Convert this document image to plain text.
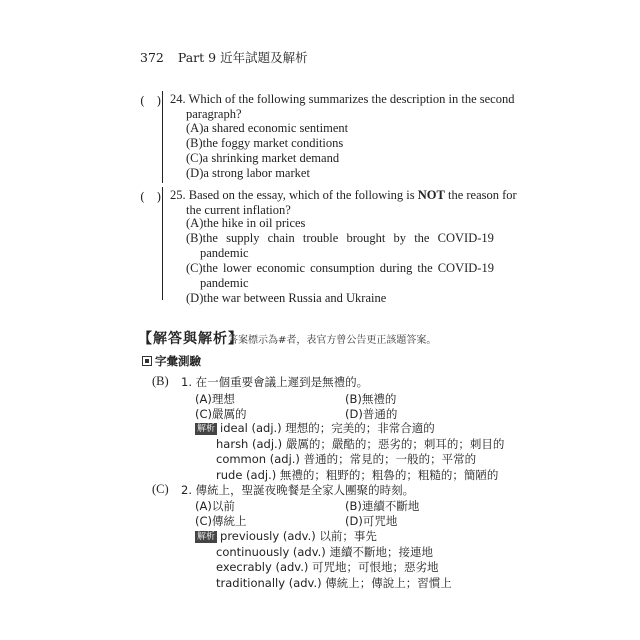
372 Part 9 近年試題及解析
(　) 24. Which of the following summarizes the description in the second
paragraph?
(A)a shared economic sentiment
(B)the foggy market conditions
(C)a shrinking market demand
(D)a strong labor market
(　) 25. Based on the essay, which of the following is NOT the reason for
the current inflation?
(A)the hike in oil prices
(B)the supply chain trouble brought by the COVID-19
pandemic
(C)the lower economic consumption during the COVID-19
pandemic
(D)the war between Russia and Ukraine
【解答與解析】
答案標示為#者，表官方曾公告更正該題答案。
字彙測驗
(B) 1. 在一個重要會議上遲到是無禮的。
(A)理想	(B)無禮的
(C)嚴厲的	(D)普通的
解析 ideal (adj.) 理想的；完美的；非常合適的
harsh (adj.) 嚴厲的；嚴酷的；惡劣的；刺耳的；刺目的
common (adj.) 普通的；常見的；一般的；平常的
rude (adj.) 無禮的；粗野的；粗魯的；粗糙的；簡陋的
(C) 2. 傳統上，聖誕夜晚餐是全家人團聚的時刻。
(A)以前	(B)連續不斷地
(C)傳統上	(D)可咒地
解析 previously (adv.) 以前；事先
continuously (adv.) 連續不斷地；接連地
execrably (adv.) 可咒地；可恨地；惡劣地
traditionally (adv.) 傳統上；傳說上；習慣上
